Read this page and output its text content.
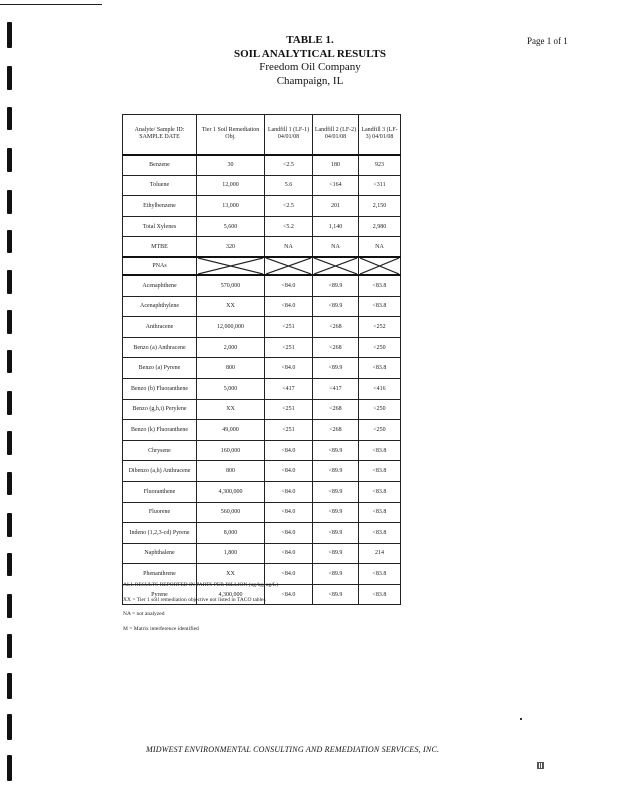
TABLE 1.
SOIL ANALYTICAL RESULTS
Freedom Oil Company
Champaign, IL
Page 1 of 1
Analyte/ Sample ID: SAMPLE DATE	Tier 1 Soil Remediation Obj.	Landfill 1 (LF-1) 04/01/08	Landfill 2 (LF-2) 04/01/08	Landfill 3 (LF-3) 04/01/08
Benzene	30	<2.5	180	923
Toluene	12,000	5.6	<164	<311
Ethylbenzene	13,000	<2.5	201	2,150
Total Xylenes	5,600	<5.2	1,140	2,980
MTBE	320	NA	NA	NA
PNAs	

Acenaphthene	570,000	<84.0	<89.9	<83.8
Acenaphthylene	XX	<84.0	<89.9	<83.8
Anthracene	12,000,000	<251	<268	<252
Benzo (a) Anthracene	2,000	<251	<268	<250
Benzo (a) Pyrene	800	<84.0	<89.9	<83.8
Benzo (b) Fluoranthene	5,000	<417	<417	<416
Benzo (g,h,i) Perylene	XX	<251	<268	<250
Benzo (k) Fluoranthene	49,000	<251	<268	<250
Chrysene	160,000	<84.0	<89.9	<83.8
Dibenzo (a,h) Anthracene	800	<84.0	<89.9	<83.8
Fluoranthene	4,300,000	<84.0	<89.9	<83.8
Fluorene	560,000	<84.0	<89.9	<83.8
Indeno (1,2,3-cd) Pyrene	8,000	<84.0	<89.9	<83.8
Naphthalene	1,800	<84.0	<89.9	214
Phenanthrene	XX	<84.0	<89.9	<83.8
Pyrene	4,300,000	<84.0	<89.9	<83.8
ALL RESULTS REPORTED IN PARTS PER BILLION (ug/kg, ug/L)
XX = Tier 1 soil remediation objective not listed in TACO tables
NA = not analyzed
M = Matrix interference identified
MIDWEST ENVIRONMENTAL CONSULTING AND REMEDIATION SERVICES, INC.
